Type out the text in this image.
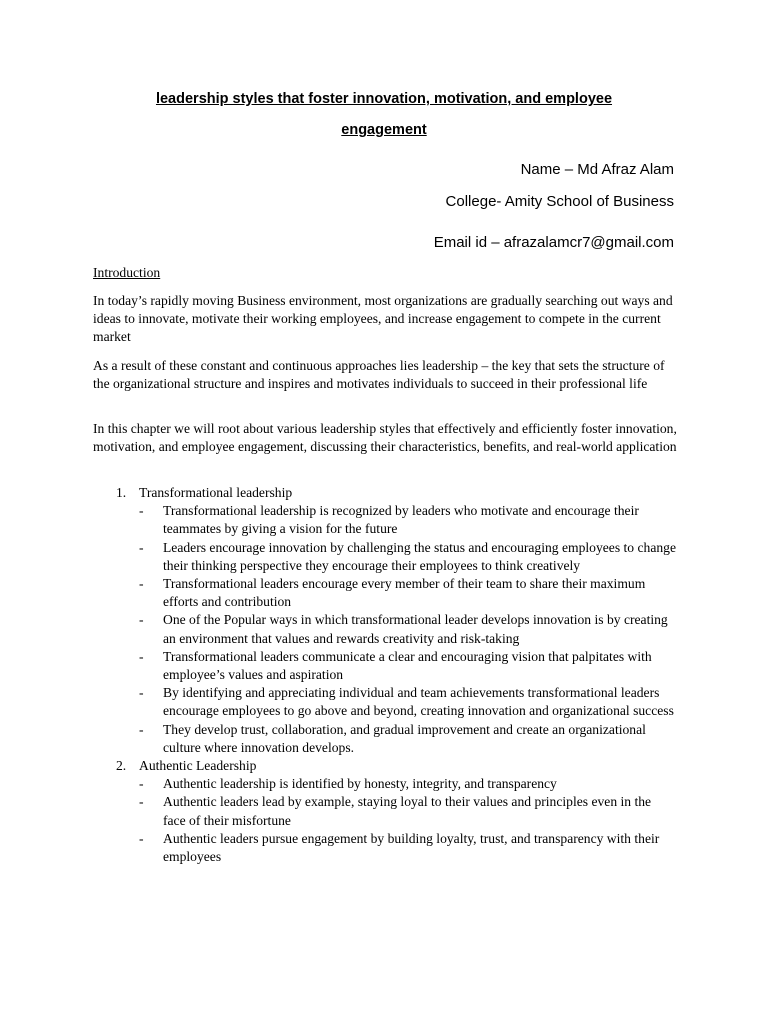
leadership styles that foster innovation, motivation, and employee
engagement
Name – Md Afraz Alam
College- Amity School of Business
Email id – afrazalamcr7@gmail.com
Introduction

In today’s rapidly moving Business environment, most organizations are gradually searching out ways and ideas to innovate, motivate their working employees, and increase engagement to compete in the current market

As a result of these constant and continuous approaches lies leadership – the key that sets the structure of the organizational structure and inspires and motivates individuals to succeed in their professional life

In this chapter we will root about various leadership styles that effectively and efficiently foster innovation, motivation, and employee engagement, discussing their characteristics, benefits, and real-world application

1. Transformational leadership
- Transformational leadership is recognized by leaders who motivate and encourage their teammates by giving a vision for the future
- Leaders encourage innovation by challenging the status and encouraging employees to change their thinking perspective they encourage their employees to think creatively
- Transformational leaders encourage every member of their team to share their maximum efforts and contribution
- One of the Popular ways in which transformational leader develops innovation is by creating an environment that values and rewards creativity and risk-taking
- Transformational leaders communicate a clear and encouraging vision that palpitates with employee’s values and aspiration
- By identifying and appreciating individual and team achievements transformational leaders encourage employees to go above and beyond, creating innovation and organizational success
- They develop trust, collaboration, and gradual improvement and create an organizational culture where innovation develops.
2. Authentic Leadership
- Authentic leadership is identified by honesty, integrity, and transparency
- Authentic leaders lead by example, staying loyal to their values and principles even in the face of their misfortune
- Authentic leaders pursue engagement by building loyalty, trust, and transparency with their employees
